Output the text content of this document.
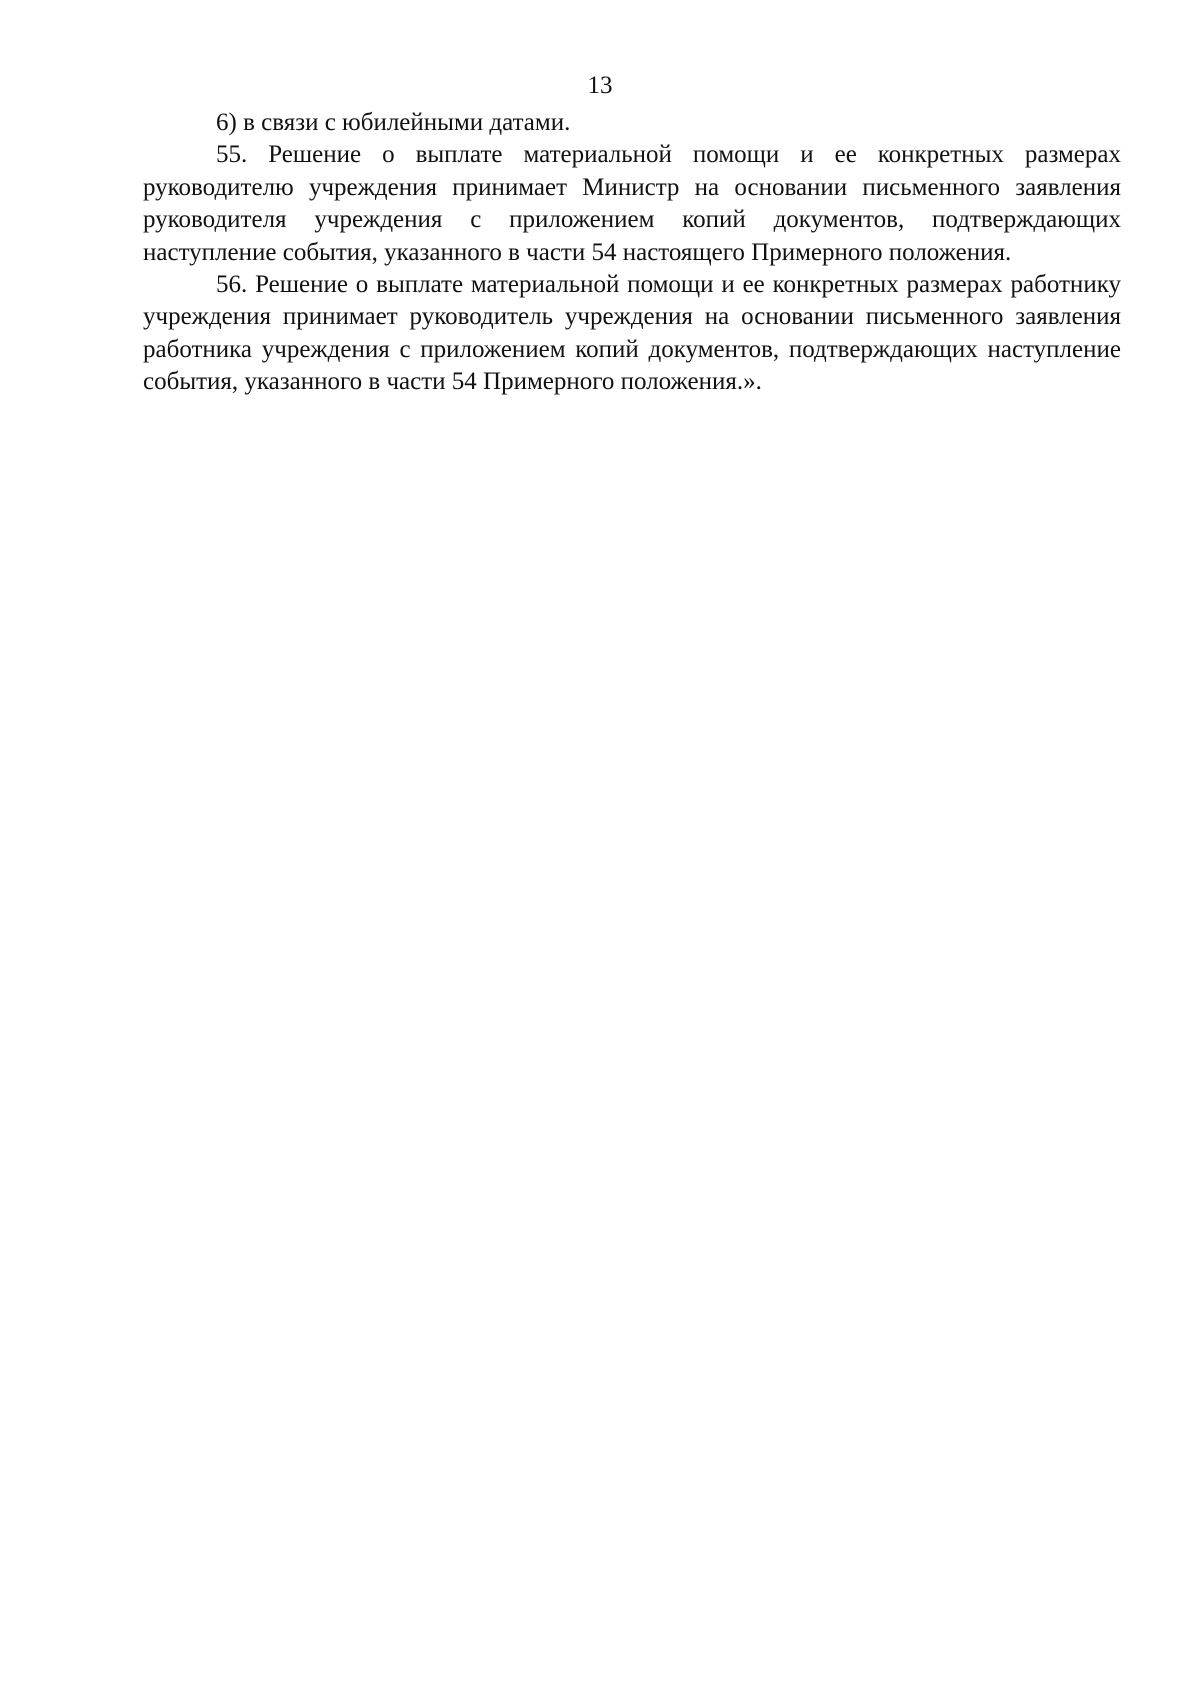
13

6) в связи с юбилейными датами.

55. Решение о выплате материальной помощи и ее конкретных размерах руководителю учреждения принимает Министр на основании письменного заявления руководителя учреждения с приложением копий документов, подтверждающих наступление события, указанного в части 54 настоящего Примерного положения.

56. Решение о выплате материальной помощи и ее конкретных размерах работнику учреждения принимает руководитель учреждения на основании письменного заявления работника учреждения с приложением копий документов, подтверждающих наступление события, указанного в части 54 Примерного положения.».
